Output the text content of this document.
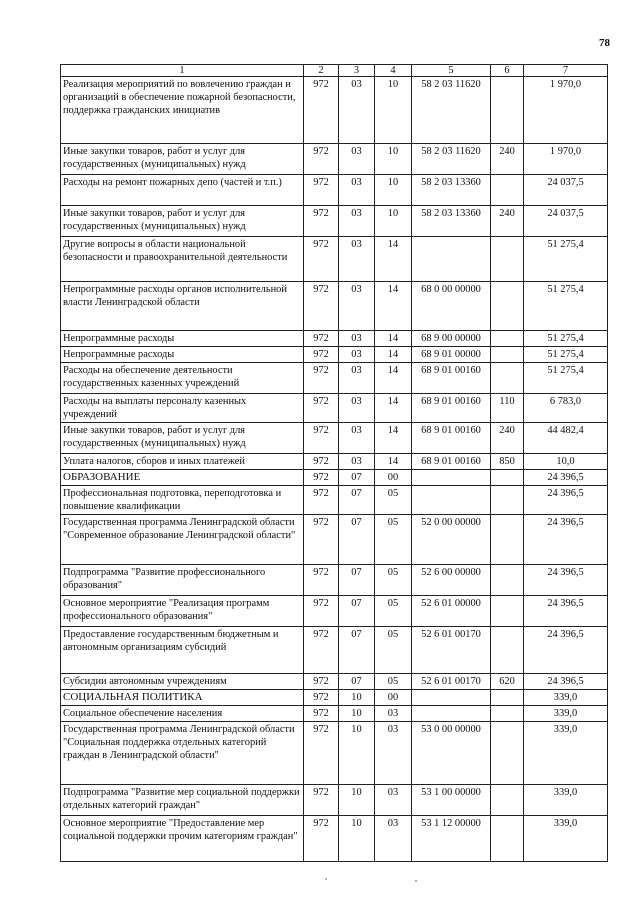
78
1	2	3	4	5	6	7
Реализация мероприятий по вовлечению граждан и организаций в обеспечение пожарной безопасности, поддержка гражданских инициатив	972	03	10	58 2 03 11620		1 970,0
Иные закупки товаров, работ и услуг для государственных (муниципальных) нужд	972	03	10	58 2 03 11620	240	1 970,0
Расходы на ремонт пожарных депо (частей и т.п.)	972	03	10	58 2 03 13360		24 037,5
Иные закупки товаров, работ и услуг для государственных (муниципальных) нужд	972	03	10	58 2 03 13360	240	24 037,5
Другие вопросы в области национальной безопасности и правоохранительной деятельности	972	03	14			51 275,4
Непрограммные расходы органов исполнительной власти Ленинградской области	972	03	14	68 0 00 00000		51 275,4
Непрограммные расходы	972	03	14	68 9 00 00000		51 275,4
Непрограммные расходы	972	03	14	68 9 01 00000		51 275,4
Расходы на обеспечение деятельности государственных казенных учреждений	972	03	14	68 9 01 00160		51 275,4
Расходы на выплаты персоналу казенных учреждений	972	03	14	68 9 01 00160	110	6 783,0
Иные закупки товаров, работ и услуг для государственных (муниципальных) нужд	972	03	14	68 9 01 00160	240	44 482,4
Уплата налогов, сборов и иных платежей	972	03	14	68 9 01 00160	850	10,0
ОБРАЗОВАНИЕ	972	07	00			24 396,5
Профессиональная подготовка, переподготовка и повышение квалификации	972	07	05			24 396,5
Государственная программа Ленинградской области "Современное образование Ленинградской области"	972	07	05	52 0 00 00000		24 396,5
Подпрограмма "Развитие профессионального образования"	972	07	05	52 6 00 00000		24 396,5
Основное мероприятие "Реализация программ профессионального образования"	972	07	05	52 6 01 00000		24 396,5
Предоставление государственным бюджетным и автономным организациям субсидий	972	07	05	52 6 01 00170		24 396,5
Субсидии автономным учреждениям	972	07	05	52 6 01 00170	620	24 396,5
СОЦИАЛЬНАЯ ПОЛИТИКА	972	10	00			339,0
Социальное обеспечение населения	972	10	03			339,0
Государственная программа Ленинградской области "Социальная поддержка отдельных категорий граждан в Ленинградской области"	972	10	03	53 0 00 00000		339,0
Подпрограмма "Развитие мер социальной поддержки отдельных категорий граждан"	972	10	03	53 1 00 00000		339,0
Основное мероприятие "Предоставление мер социальной поддержки прочим категориям граждан"	972	10	03	53 1 12 00000		339,0
